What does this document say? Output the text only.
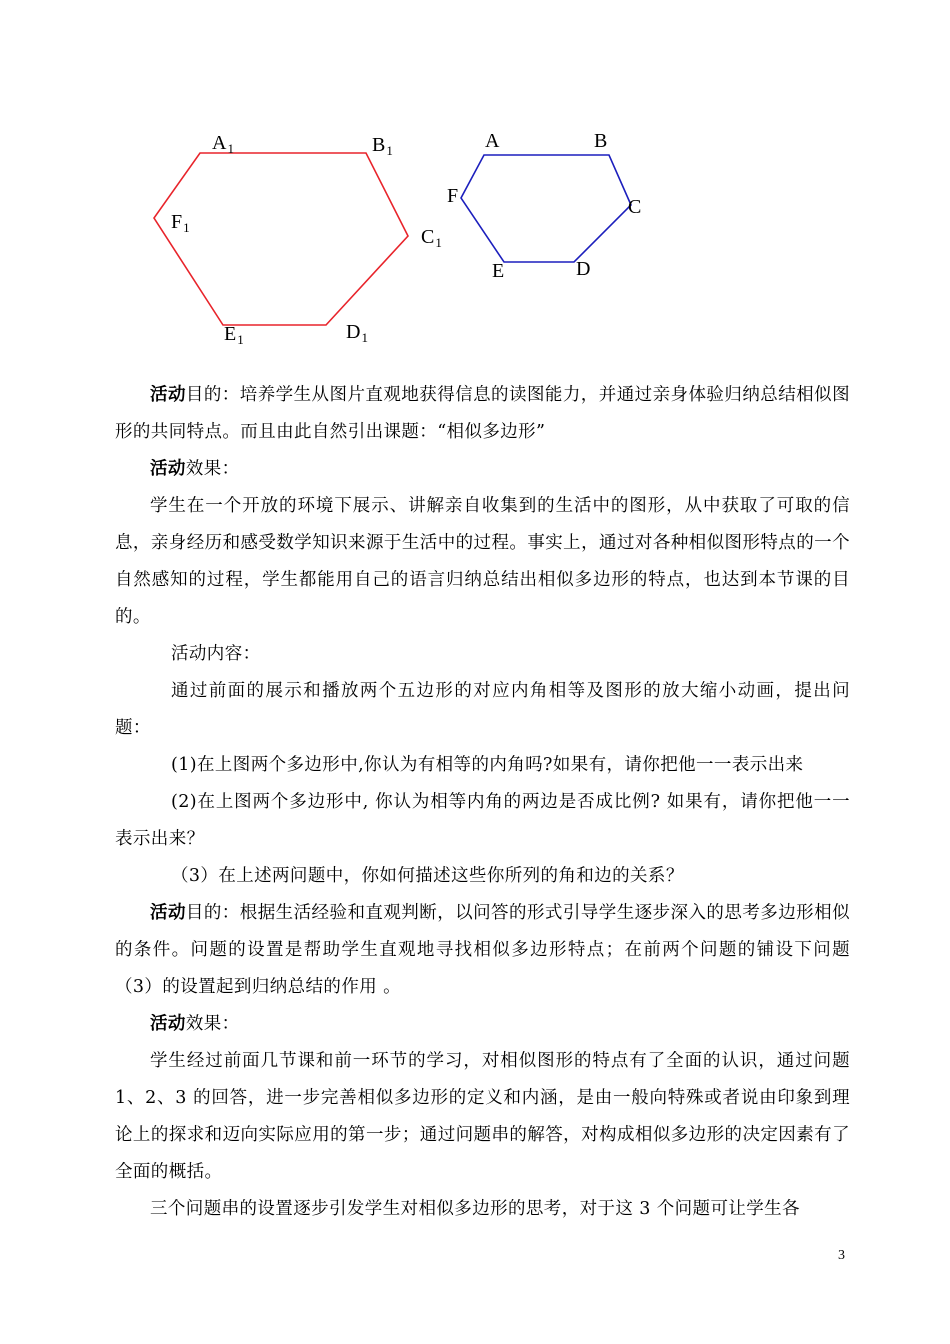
$A_1$	$B_1$
$C_1$
$D_1$
$E_1$
$F_1$
A	B
C
D
E
F

活动目的：培养学生从图片直观地获得信息的读图能力，并通过亲身体验归纳总结相似图形的共同特点。而且由此自然引出课题：“相似多边形”

活动效果：

学生在一个开放的环境下展示、讲解亲自收集到的生活中的图形，从中获取了可取的信息，亲身经历和感受数学知识来源于生活中的过程。事实上，通过对各种相似图形特点的一个自然感知的过程，学生都能用自己的语言归纳总结出相似多边形的特点，也达到本节课的目的。

活动内容：

通过前面的展示和播放两个五边形的对应内角相等及图形的放大缩小动画，提出问题：

(1)在上图两个多边形中,你认为有相等的内角吗?如果有，请你把他一一表示出来

(2)在上图两个多边形中, 你认为相等内角的两边是否成比例? 如果有，请你把他一一表示出来？

（3）在上述两问题中，你如何描述这些你所列的角和边的关系？

活动目的：根据生活经验和直观判断，以问答的形式引导学生逐步深入的思考多边形相似的条件。问题的设置是帮助学生直观地寻找相似多边形特点；在前两个问题的铺设下问题（3）的设置起到归纳总结的作用 。

活动效果：

学生经过前面几节课和前一环节的学习，对相似图形的特点有了全面的认识，通过问题 1、2、3 的回答，进一步完善相似多边形的定义和内涵，是由一般向特殊或者说由印象到理论上的探求和迈向实际应用的第一步；通过问题串的解答，对构成相似多边形的决定因素有了全面的概括。

三个问题串的设置逐步引发学生对相似多边形的思考，对于这 3 个问题可让学生各

3
